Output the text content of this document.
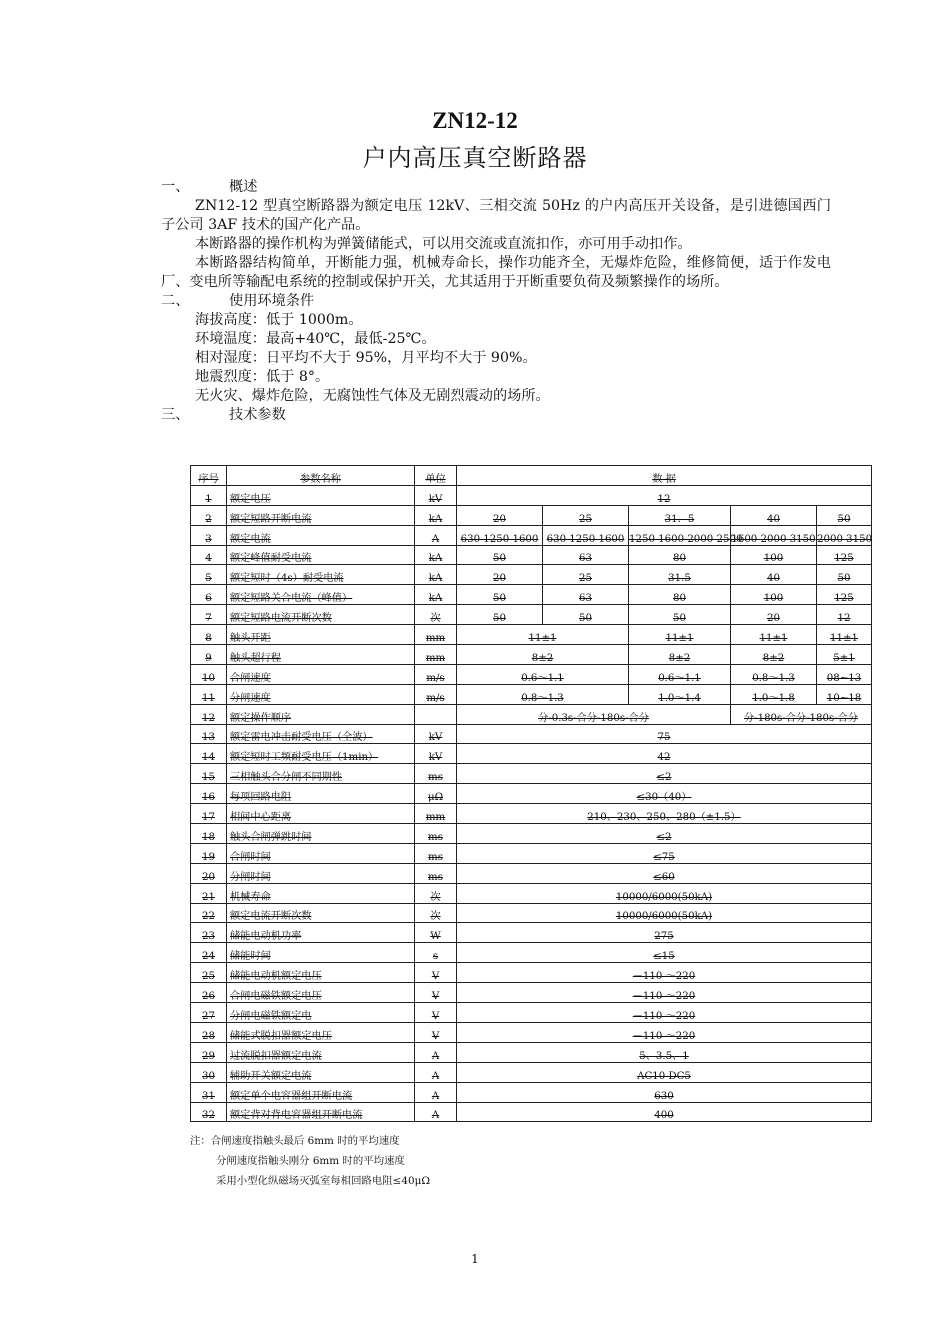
ZN12-12
户内高压真空断路器
一、	概述
ZN12-12 型真空断路器为额定电压 12kV、三相交流 50Hz 的户内高压开关设备，是引进德国西门子公司 3AF 技术的国产化产品。
本断路器的操作机构为弹簧储能式，可以用交流或直流扣作，亦可用手动扣作。
本断路器结构简单，开断能力强，机械寿命长，操作功能齐全，无爆炸危险，维修简便，适于作发电厂、变电所等输配电系统的控制或保护开关，尤其适用于开断重要负荷及频繁操作的场所。
二、	使用环境条件
海拔高度：低于 1000m。
环境温度：最高+40℃，最低-25℃。
相对湿度：日平均不大于 95%，月平均不大于 90%。
地震烈度：低于 8°。
无火灾、爆炸危险，无腐蚀性气体及无剧烈震动的场所。
三、	技术参数
序号	参数名称	单位	数 据				
1	额定电压	kV	12				
2	额定短路开断电流	kA	20	25	31．5	40	50
3	额定电流	A	630 1250 1600	630 1250 1600	1250 1600 2000 2500	1600 2000 3150	2000 3150
4	额定峰值耐受电流	kA	50	63	80	100	125
5	额定短时（4s）耐受电流	kA	20	25	31.5	40	50
6	额定短路关合电流（峰值）	kA	50	63	80	100	125
7	额定短路电流开断次数	次	50	50	50	20	12
8	触头开距	mm	11±1		11±1	11±1	11±1
9	触头超行程	mm	8±2		8±2	8±2	5±1
10	合闸速度	m/s	0.6～1.1		0.6～1.1	0.8～1.3	08~13
11	分闸速度	m/s	0.8～1.3		1.0～1.4	1.0～1.8	10~18
12	额定操作顺序		分-0.3s-合分-180s-合分			分-180s-合分-180s-合分	
13	额定雷电冲击耐受电压（全波）	kV	75				
14	额定短时工频耐受电压（1min）	kV	42				
15	三相触头合分闸不同期性	ms	≤2				
16	每项回路电阻	μΩ	≤30（40）				
17	相间中心距离	mm	210、230、250、280（±1.5）				
18	触头合闸弹跳时间	ms	≤2				
19	合闸时间	ms	≤75				
20	分闸时间	ms	≤60				
21	机械寿命	次	10000/6000(50kA)				
22	额定电流开断次数	次	10000/6000(50kA)				
23	储能电动机功率	W	275				
24	储能时间	s	≤15				
25	储能电动机额定电压	V	－110 ～220				
26	合闸电磁铁额定电压	V	－110 ～220				
27	分闸电磁铁额定电	V	－110 ～220				
28	储能式脱扣器额定电压	V	－110 ～220				
29	过流脱扣器额定电流	A	5、3.5、1				
30	辅助开关额定电流	A	AC10 DC5				
31	额定单个电容器组开断电流	A	630				
32	额定背对背电容器组开断电流	A	400				
注：合闸速度指触头最后 6mm 时的平均速度
分闸速度指触头刚分 6mm 时的平均速度
采用小型化纵磁场灭弧室每相回路电阻≤40μΩ
1
